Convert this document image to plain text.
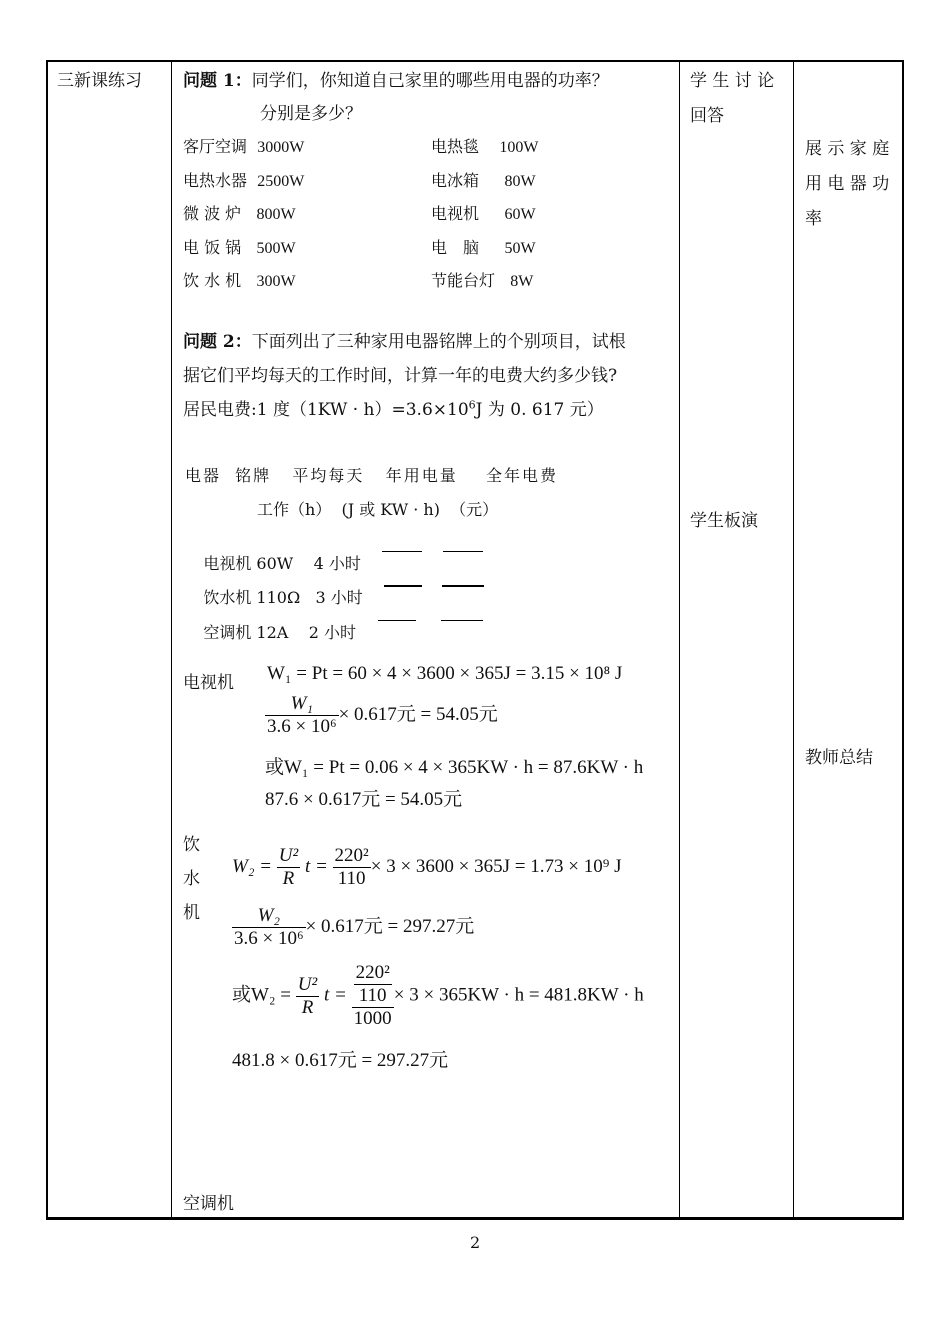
三新课练习 问题 1：同学们，你知道自己家里的哪些用电器的功率？
分别是多少？
客厅空调 3000W
电热水器 2500W
微 波 炉 800W
电 饭 锅 500W
饮 水 机 300W
电热毯 100W
电冰箱 80W
电视机 60W
电　脑 50W
节能台灯 8W
问题 2：下面列出了三种家用电器铭牌上的个别项目，试根
据它们平均每天的工作时间，计算一年的电费大约多少钱?
居民电费:1 度$(1KW \cdot h)=3.6\times 10^6J$ 为 0. 617 元）
电器  铭牌   平均每天   年用电量    全年电费
工作（h）  (J 或 KW · h)  （元）

电视机 60W 4 小时

饮水机 110Ω 3 小时

空调机 12A 2 小时

电视机 W₁ = Pt = 60 × 4 × 3600 × 365J = 3.15 × 10⁸ J
$\frac{\text{W₁}}{\text{3.6 × 10⁶}} \times 0.617$元 = 54.05元
或W₁ = Pt = 0.06 × 4 × 365KW · h = 87.6KW · h
87.6 × 0.617元 = 54.05元
饮
水
机
$W_2 = \frac{\text{U²}}{R}$ $t = \frac{\text{220²}}{110} \times 3 \times 3600 \times 365J = 1.73 \times 10^9$ J
$\frac{\text{W₂}}{\text{3.6 × 10⁶}} \times 0.617$元 = 297.27元
或$W_2 = \frac{\text{U²}}{R}$ $t = \frac{\frac{\text{220²}}{110}}{1000} \times 3 \times 365KW \cdot h = 481.8KW \cdot h$
481.8 × 0.617元 = 297.27元
空调机
学 生 讨 论
回答
学生板演
展 示 家 庭
用 电 器 功
率
教师总结
2
